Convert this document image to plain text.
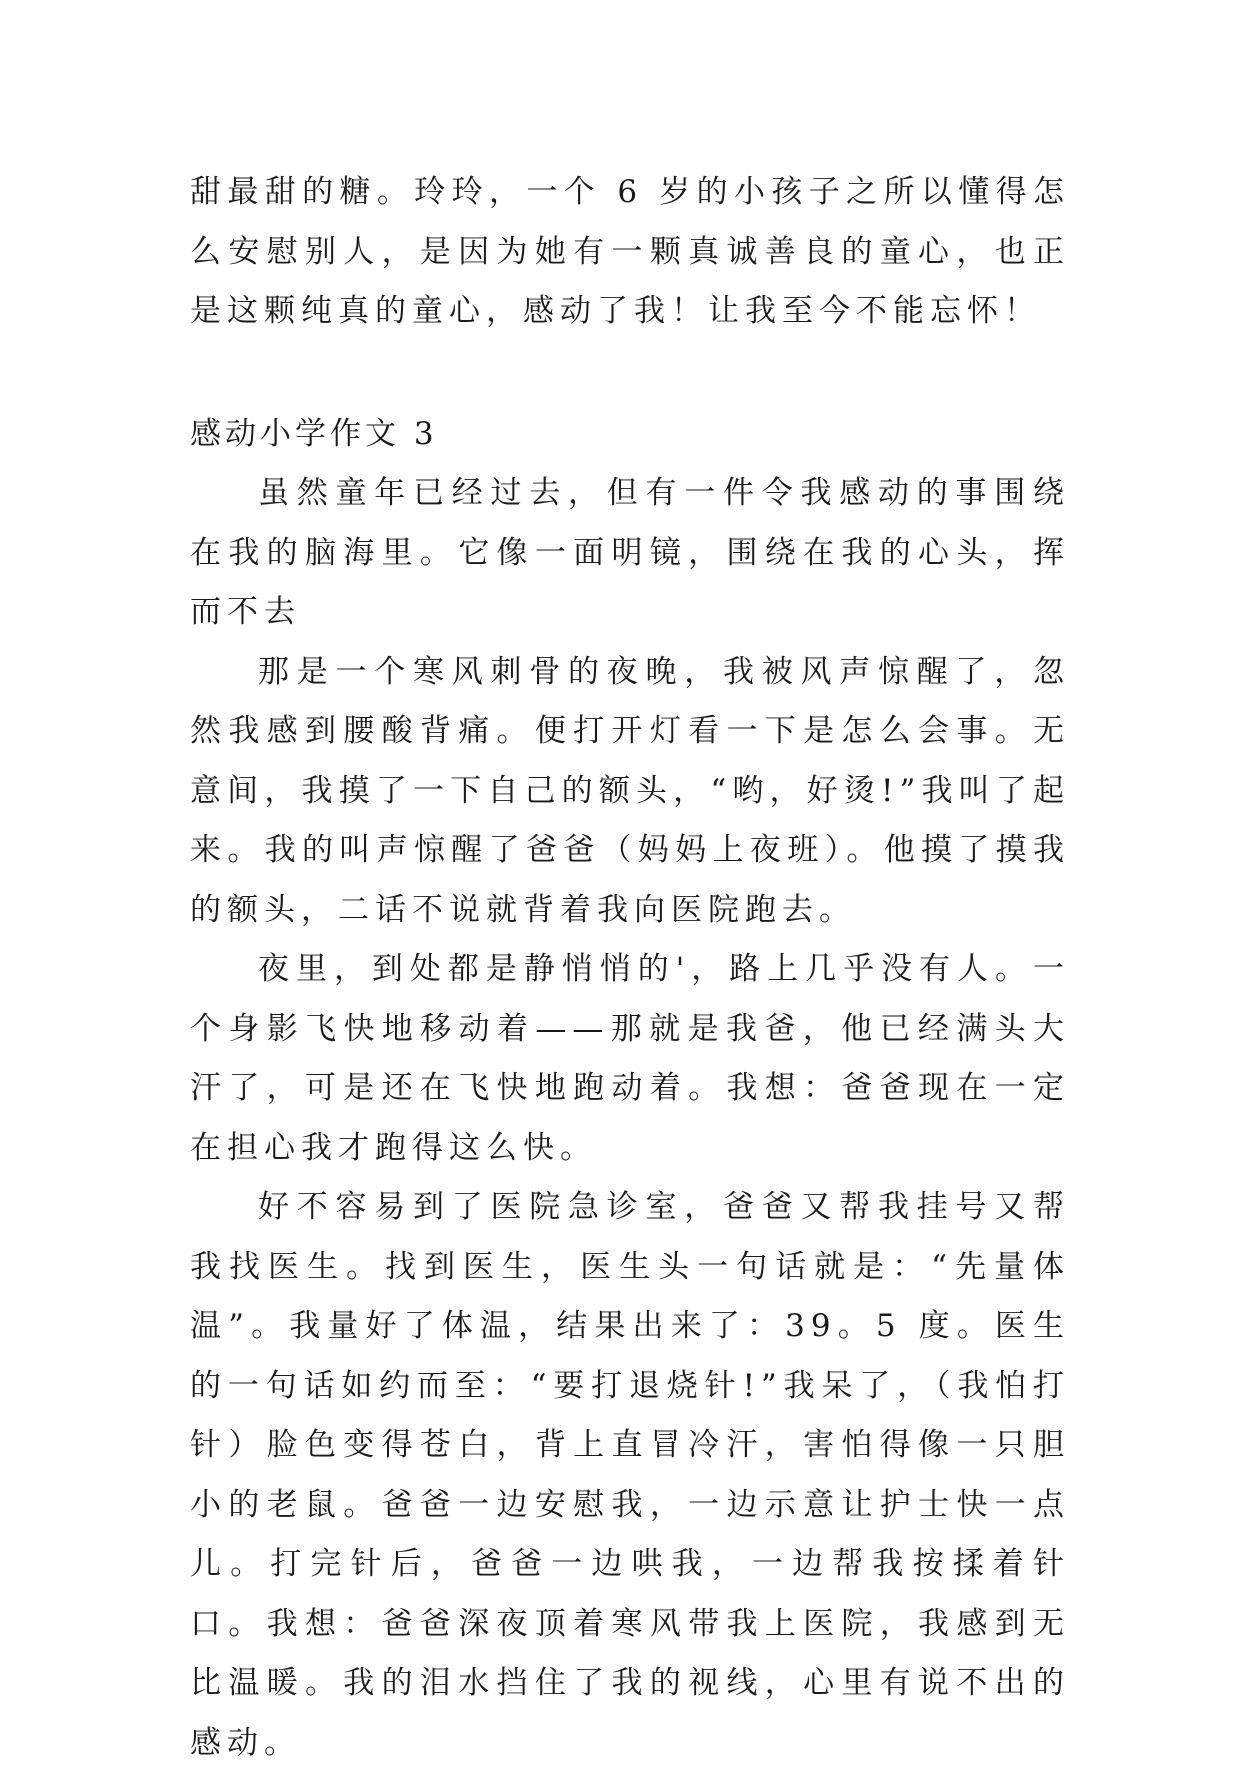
甜最甜的糖。玲玲，一个 6 岁的小孩子之所以懂得怎么安慰别人，是因为她有一颗真诚善良的童心，也正是这颗纯真的童心，感动了我！让我至今不能忘怀！

感动小学作文 3

虽然童年已经过去，但有一件令我感动的事围绕在我的脑海里。它像一面明镜，围绕在我的心头，挥而不去

那是一个寒风刺骨的夜晚，我被风声惊醒了，忽然我感到腰酸背痛。便打开灯看一下是怎么会事。无意间，我摸了一下自己的额头，“哟，好烫!”我叫了起来。我的叫声惊醒了爸爸（妈妈上夜班）。他摸了摸我的额头，二话不说就背着我向医院跑去。

夜里，到处都是静悄悄的'，路上几乎没有人。一个身影飞快地移动着——那就是我爸，他已经满头大汗了，可是还在飞快地跑动着。我想：爸爸现在一定在担心我才跑得这么快。

好不容易到了医院急诊室，爸爸又帮我挂号又帮我找医生。找到医生，医生头一句话就是：“先量体温”。我量好了体温，结果出来了：39。5 度。医生的一句话如约而至：“要打退烧针!”我呆了，（我怕打针）脸色变得苍白，背上直冒冷汗，害怕得像一只胆小的老鼠。爸爸一边安慰我，一边示意让护士快一点儿。打完针后，爸爸一边哄我，一边帮我按揉着针口。我想：爸爸深夜顶着寒风带我上医院，我感到无比温暖。我的泪水挡住了我的视线，心里有说不出的感动。
